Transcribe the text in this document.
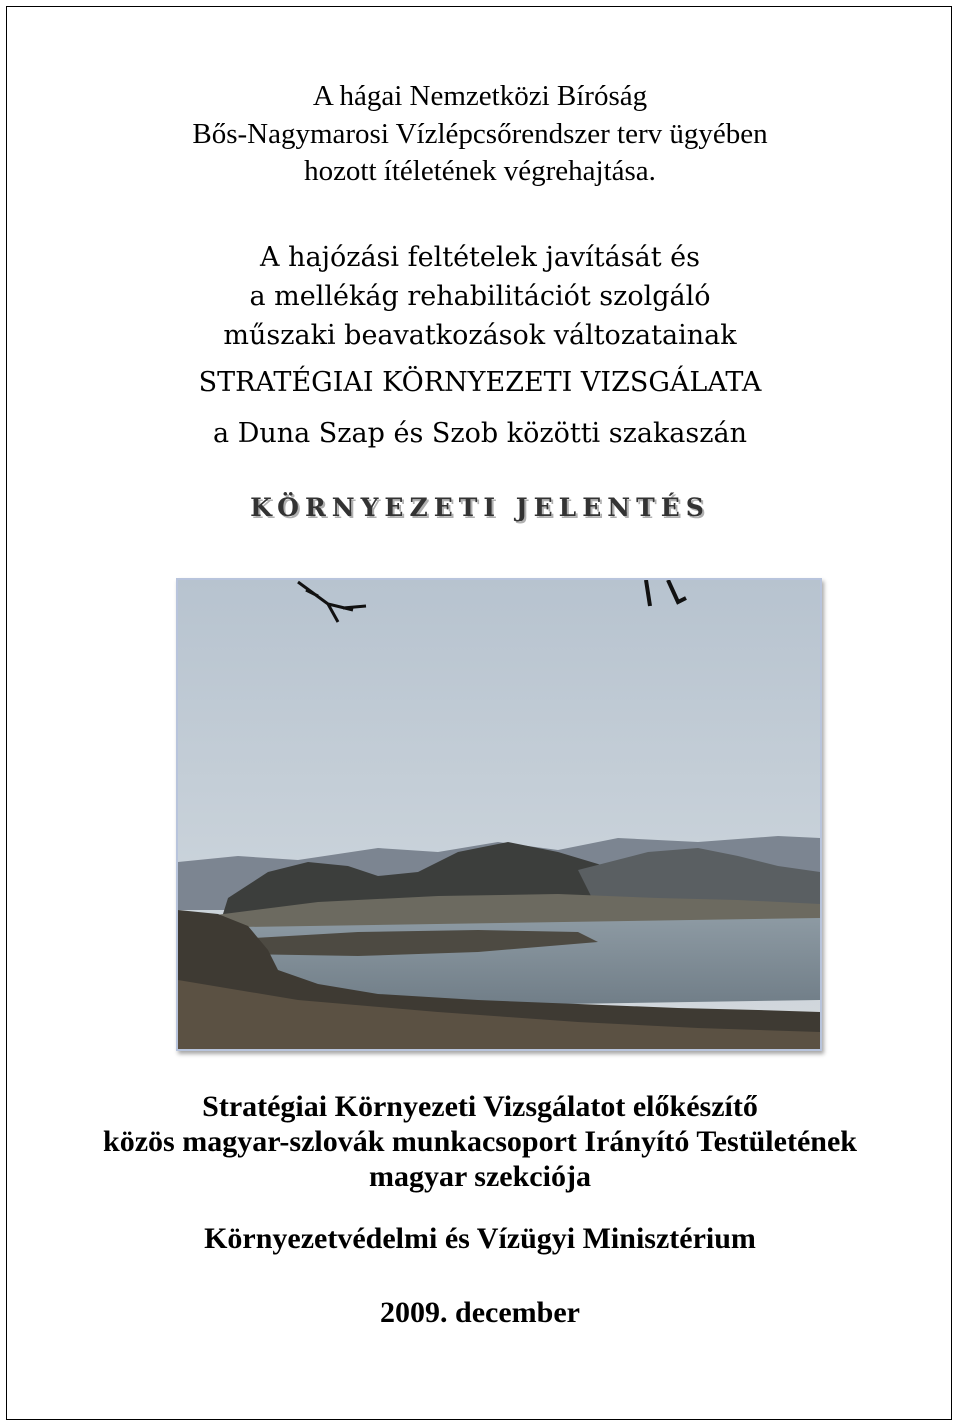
A hágai Nemzetközi Bíróság
Bős-Nagymarosi Vízlépcsőrendszer terv ügyében
hozott ítéletének végrehajtása.
A hajózási feltételek javítását és
a mellékág rehabilitációt szolgáló
műszaki beavatkozások változatainak
STRATÉGIAI KÖRNYEZETI VIZSGÁLATA
a Duna Szap és Szob közötti szakaszán
KÖRNYEZETI JELENTÉS
Stratégiai Környezeti Vizsgálatot előkészítő
közös magyar-szlovák munkacsoport Irányító Testületének
magyar szekciója
Környezetvédelmi és Vízügyi Minisztérium
2009. december
